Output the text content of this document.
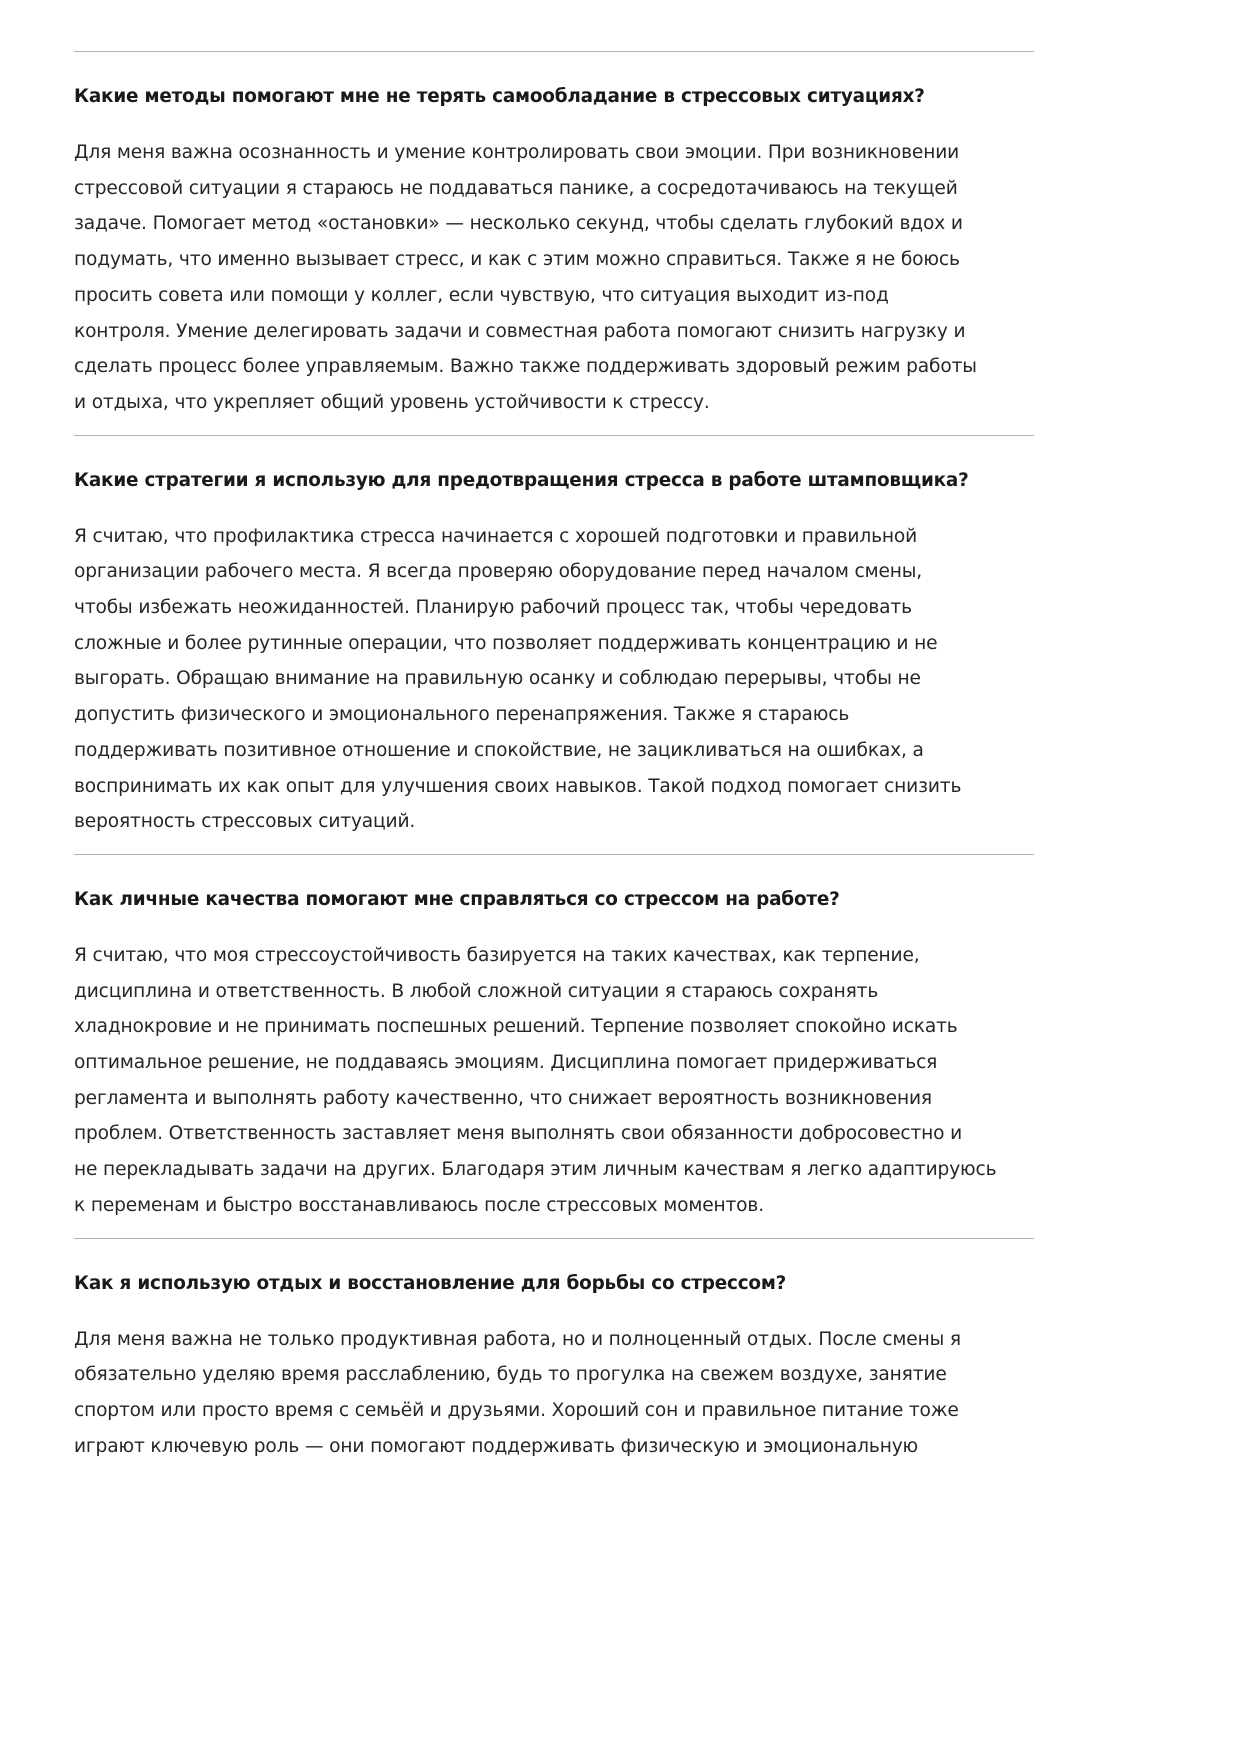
Какие методы помогают мне не терять самообладание в стрессовых ситуациях?

Для меня важна осознанность и умение контролировать свои эмоции. При возникновении
стрессовой ситуации я стараюсь не поддаваться панике, а сосредотачиваюсь на текущей
задаче. Помогает метод «остановки» — несколько секунд, чтобы сделать глубокий вдох и
подумать, что именно вызывает стресс, и как с этим можно справиться. Также я не боюсь
просить совета или помощи у коллег, если чувствую, что ситуация выходит из-под
контроля. Умение делегировать задачи и совместная работа помогают снизить нагрузку и
сделать процесс более управляемым. Важно также поддерживать здоровый режим работы
и отдыха, что укрепляет общий уровень устойчивости к стрессу.

Какие стратегии я использую для предотвращения стресса в работе штамповщика?

Я считаю, что профилактика стресса начинается с хорошей подготовки и правильной
организации рабочего места. Я всегда проверяю оборудование перед началом смены,
чтобы избежать неожиданностей. Планирую рабочий процесс так, чтобы чередовать
сложные и более рутинные операции, что позволяет поддерживать концентрацию и не
выгорать. Обращаю внимание на правильную осанку и соблюдаю перерывы, чтобы не
допустить физического и эмоционального перенапряжения. Также я стараюсь
поддерживать позитивное отношение и спокойствие, не зацикливаться на ошибках, а
воспринимать их как опыт для улучшения своих навыков. Такой подход помогает снизить
вероятность стрессовых ситуаций.

Как личные качества помогают мне справляться со стрессом на работе?

Я считаю, что моя стрессоустойчивость базируется на таких качествах, как терпение,
дисциплина и ответственность. В любой сложной ситуации я стараюсь сохранять
хладнокровие и не принимать поспешных решений. Терпение позволяет спокойно искать
оптимальное решение, не поддаваясь эмоциям. Дисциплина помогает придерживаться
регламента и выполнять работу качественно, что снижает вероятность возникновения
проблем. Ответственность заставляет меня выполнять свои обязанности добросовестно и
не перекладывать задачи на других. Благодаря этим личным качествам я легко адаптируюсь
к переменам и быстро восстанавливаюсь после стрессовых моментов.

Как я использую отдых и восстановление для борьбы со стрессом?

Для меня важна не только продуктивная работа, но и полноценный отдых. После смены я
обязательно уделяю время расслаблению, будь то прогулка на свежем воздухе, занятие
спортом или просто время с семьёй и друзьями. Хороший сон и правильное питание тоже
играют ключевую роль — они помогают поддерживать физическую и эмоциональную
